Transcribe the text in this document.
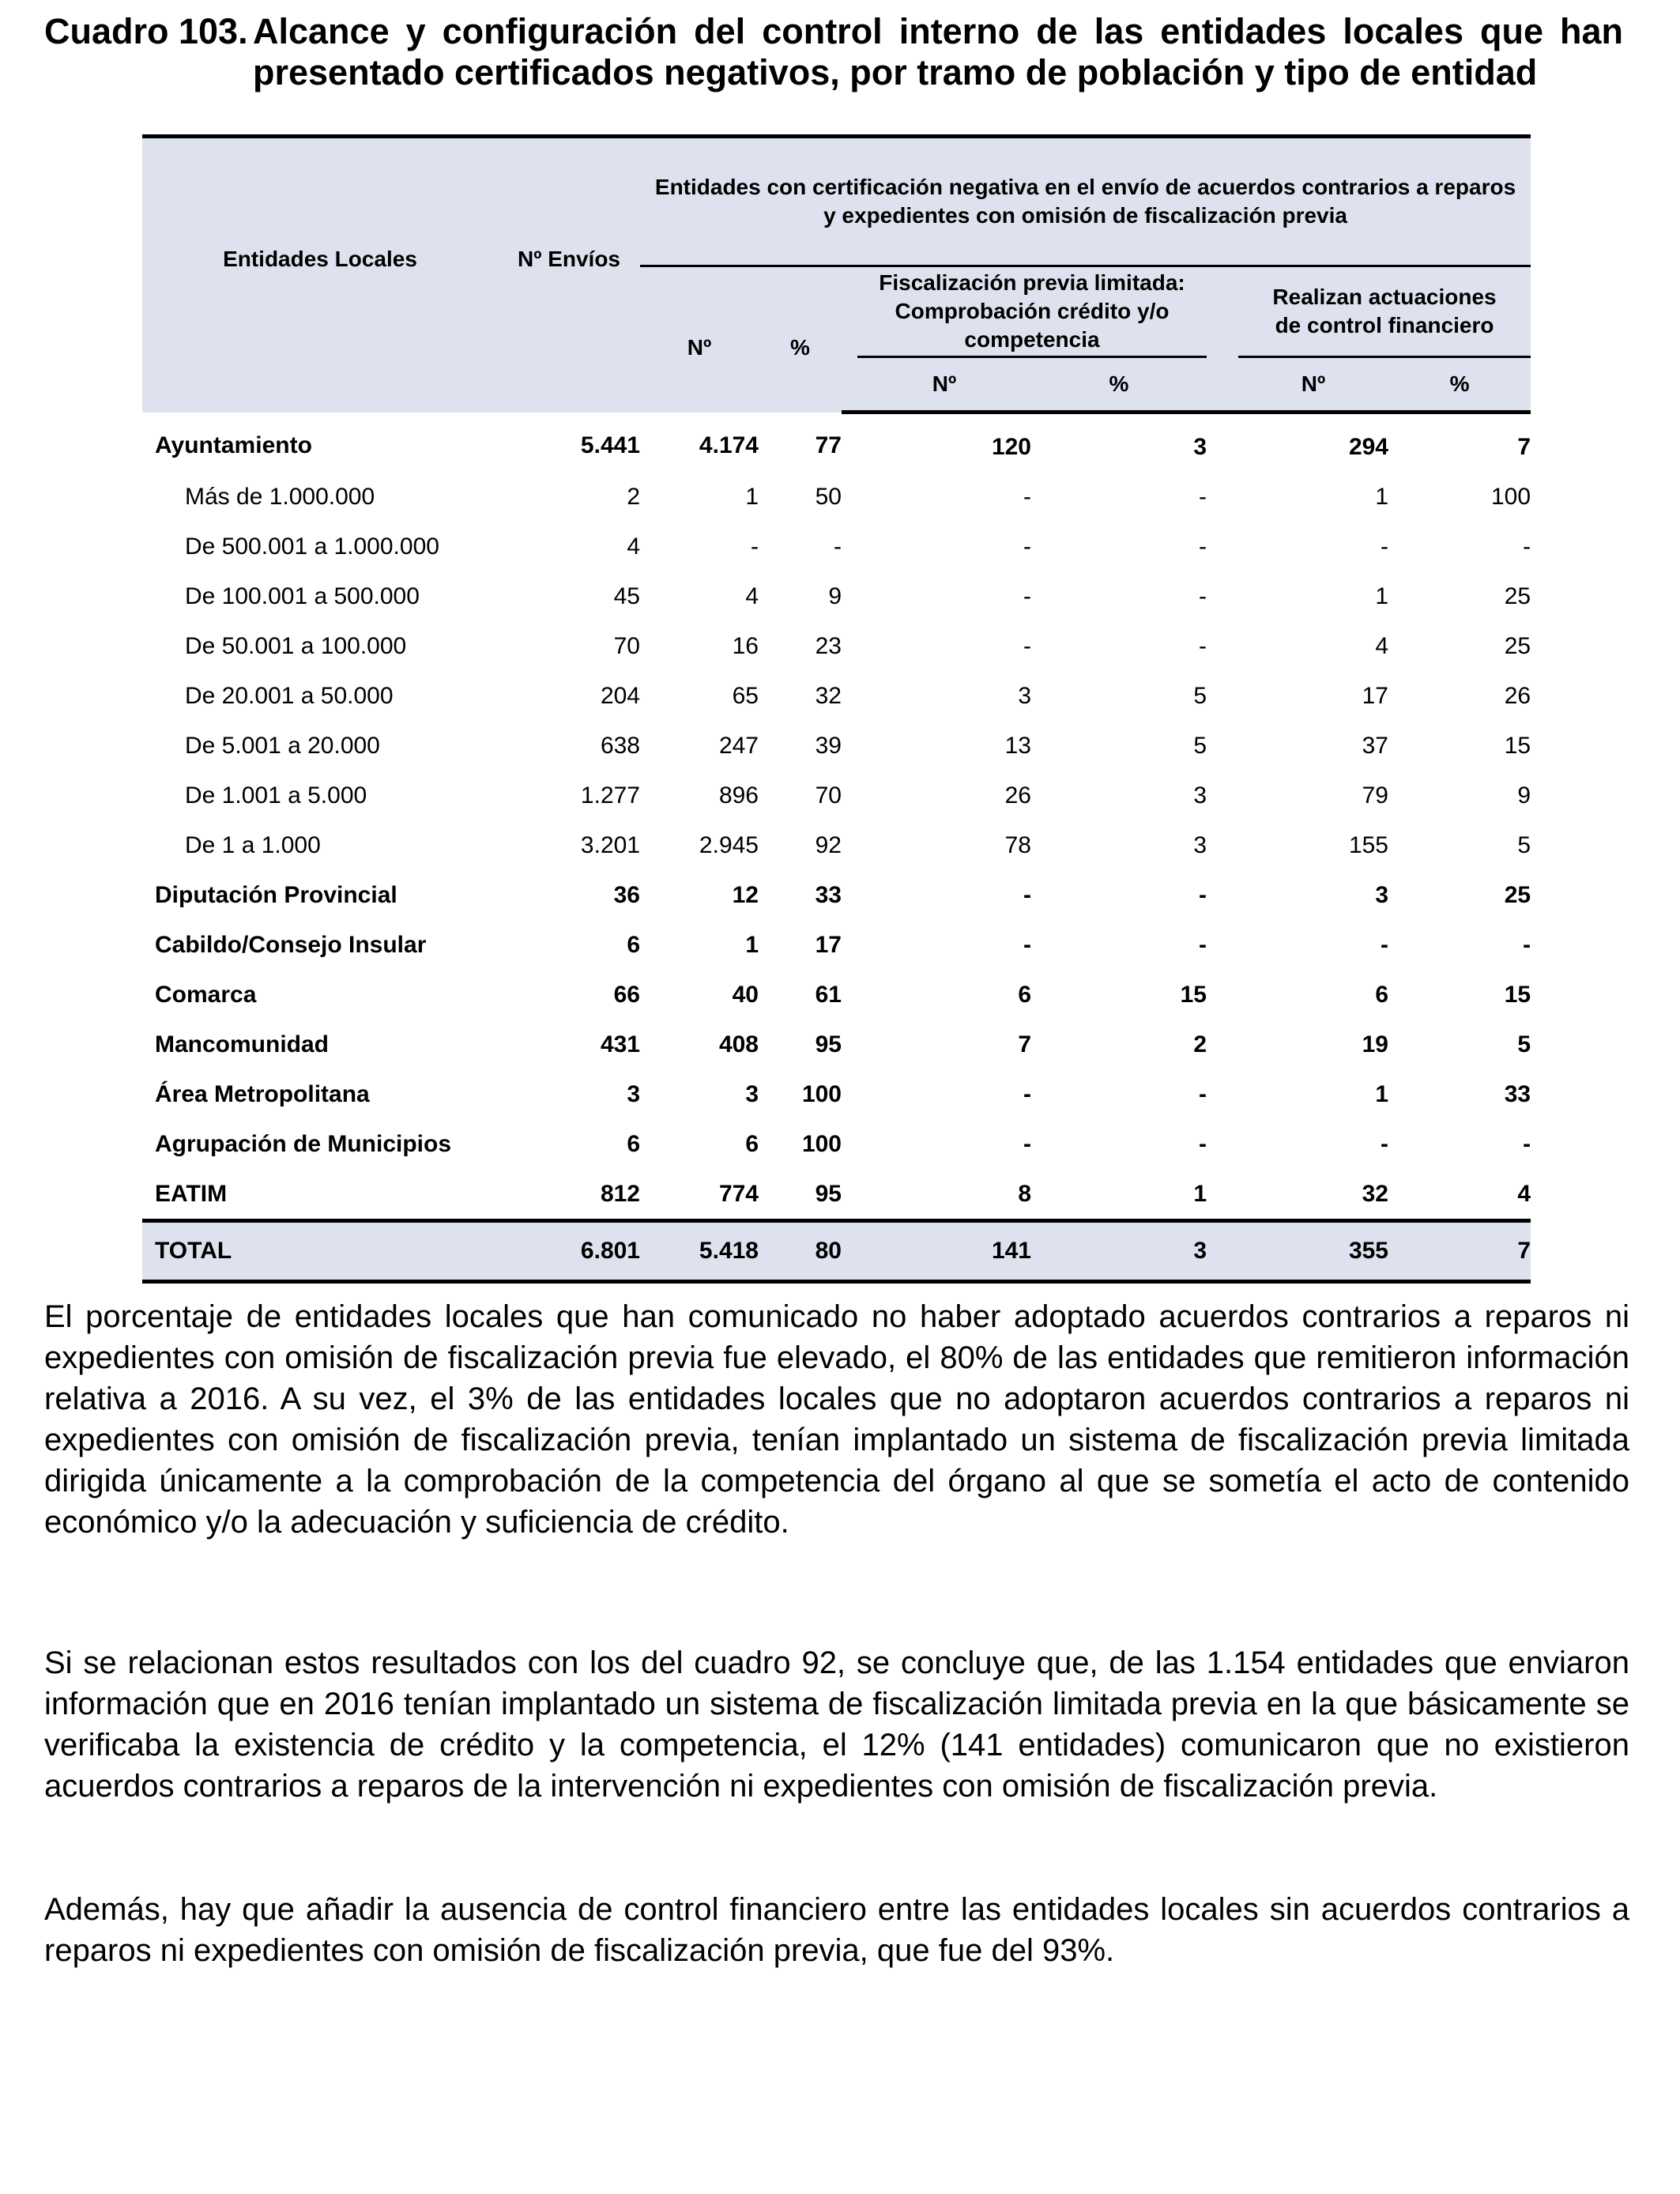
Cuadro 103. Alcance y configuración del control interno de las entidades locales que han
presentado certificados negativos, por tramo de población y tipo de entidad
Entidades Locales	Nº Envíos	Entidades con certificación negativa en el envío de acuerdos contrarios a reparos y expedientes con omisión de fiscalización previa							
		Nº	%		Fiscalización previa limitada: Comprobación crédito y/o competencia			Realizan actuaciones de control financiero	
					Nº	%		Nº	%
Ayuntamiento	5.441	4.174	77		120	3		294	7
Más de 1.000.000	2	1	50		-	-		1	100
De 500.001 a 1.000.000	4	-	-		-	-		-	-
De 100.001 a 500.000	45	4	9		-	-		1	25
De 50.001 a 100.000	70	16	23		-	-		4	25
De 20.001 a 50.000	204	65	32		3	5		17	26
De 5.001 a 20.000	638	247	39		13	5		37	15
De 1.001 a 5.000	1.277	896	70		26	3		79	9
De 1 a 1.000	3.201	2.945	92		78	3		155	5
Diputación Provincial	36	12	33		-	-		3	25
Cabildo/Consejo Insular	6	1	17		-	-		-	-
Comarca	66	40	61		6	15		6	15
Mancomunidad	431	408	95		7	2		19	5
Área Metropolitana	3	3	100		-	-		1	33
Agrupación de Municipios	6	6	100		-	-		-	-
EATIM	812	774	95		8	1		32	4
TOTAL	6.801	5.418	80		141	3		355	7

El porcentaje de entidades locales que han comunicado no haber adoptado acuerdos contrarios a reparos ni expedientes con omisión de fiscalización previa fue elevado, el 80% de las entidades que remitieron información relativa a 2016. A su vez, el 3% de las entidades locales que no adoptaron acuerdos contrarios a reparos ni expedientes con omisión de fiscalización previa, tenían implantado un sistema de fiscalización previa limitada dirigida únicamente a la comprobación de la competencia del órgano al que se sometía el acto de contenido económico y/o la adecuación y suficiencia de crédito.

Si se relacionan estos resultados con los del cuadro 92, se concluye que, de las 1.154 entidades que enviaron información que en 2016 tenían implantado un sistema de fiscalización limitada previa en la que básicamente se verificaba la existencia de crédito y la competencia, el 12% (141 entidades) comunicaron que no existieron acuerdos contrarios a reparos de la intervención ni expedientes con omisión de fiscalización previa.

Además, hay que añadir la ausencia de control financiero entre las entidades locales sin acuerdos contrarios a reparos ni expedientes con omisión de fiscalización previa, que fue del 93%.
